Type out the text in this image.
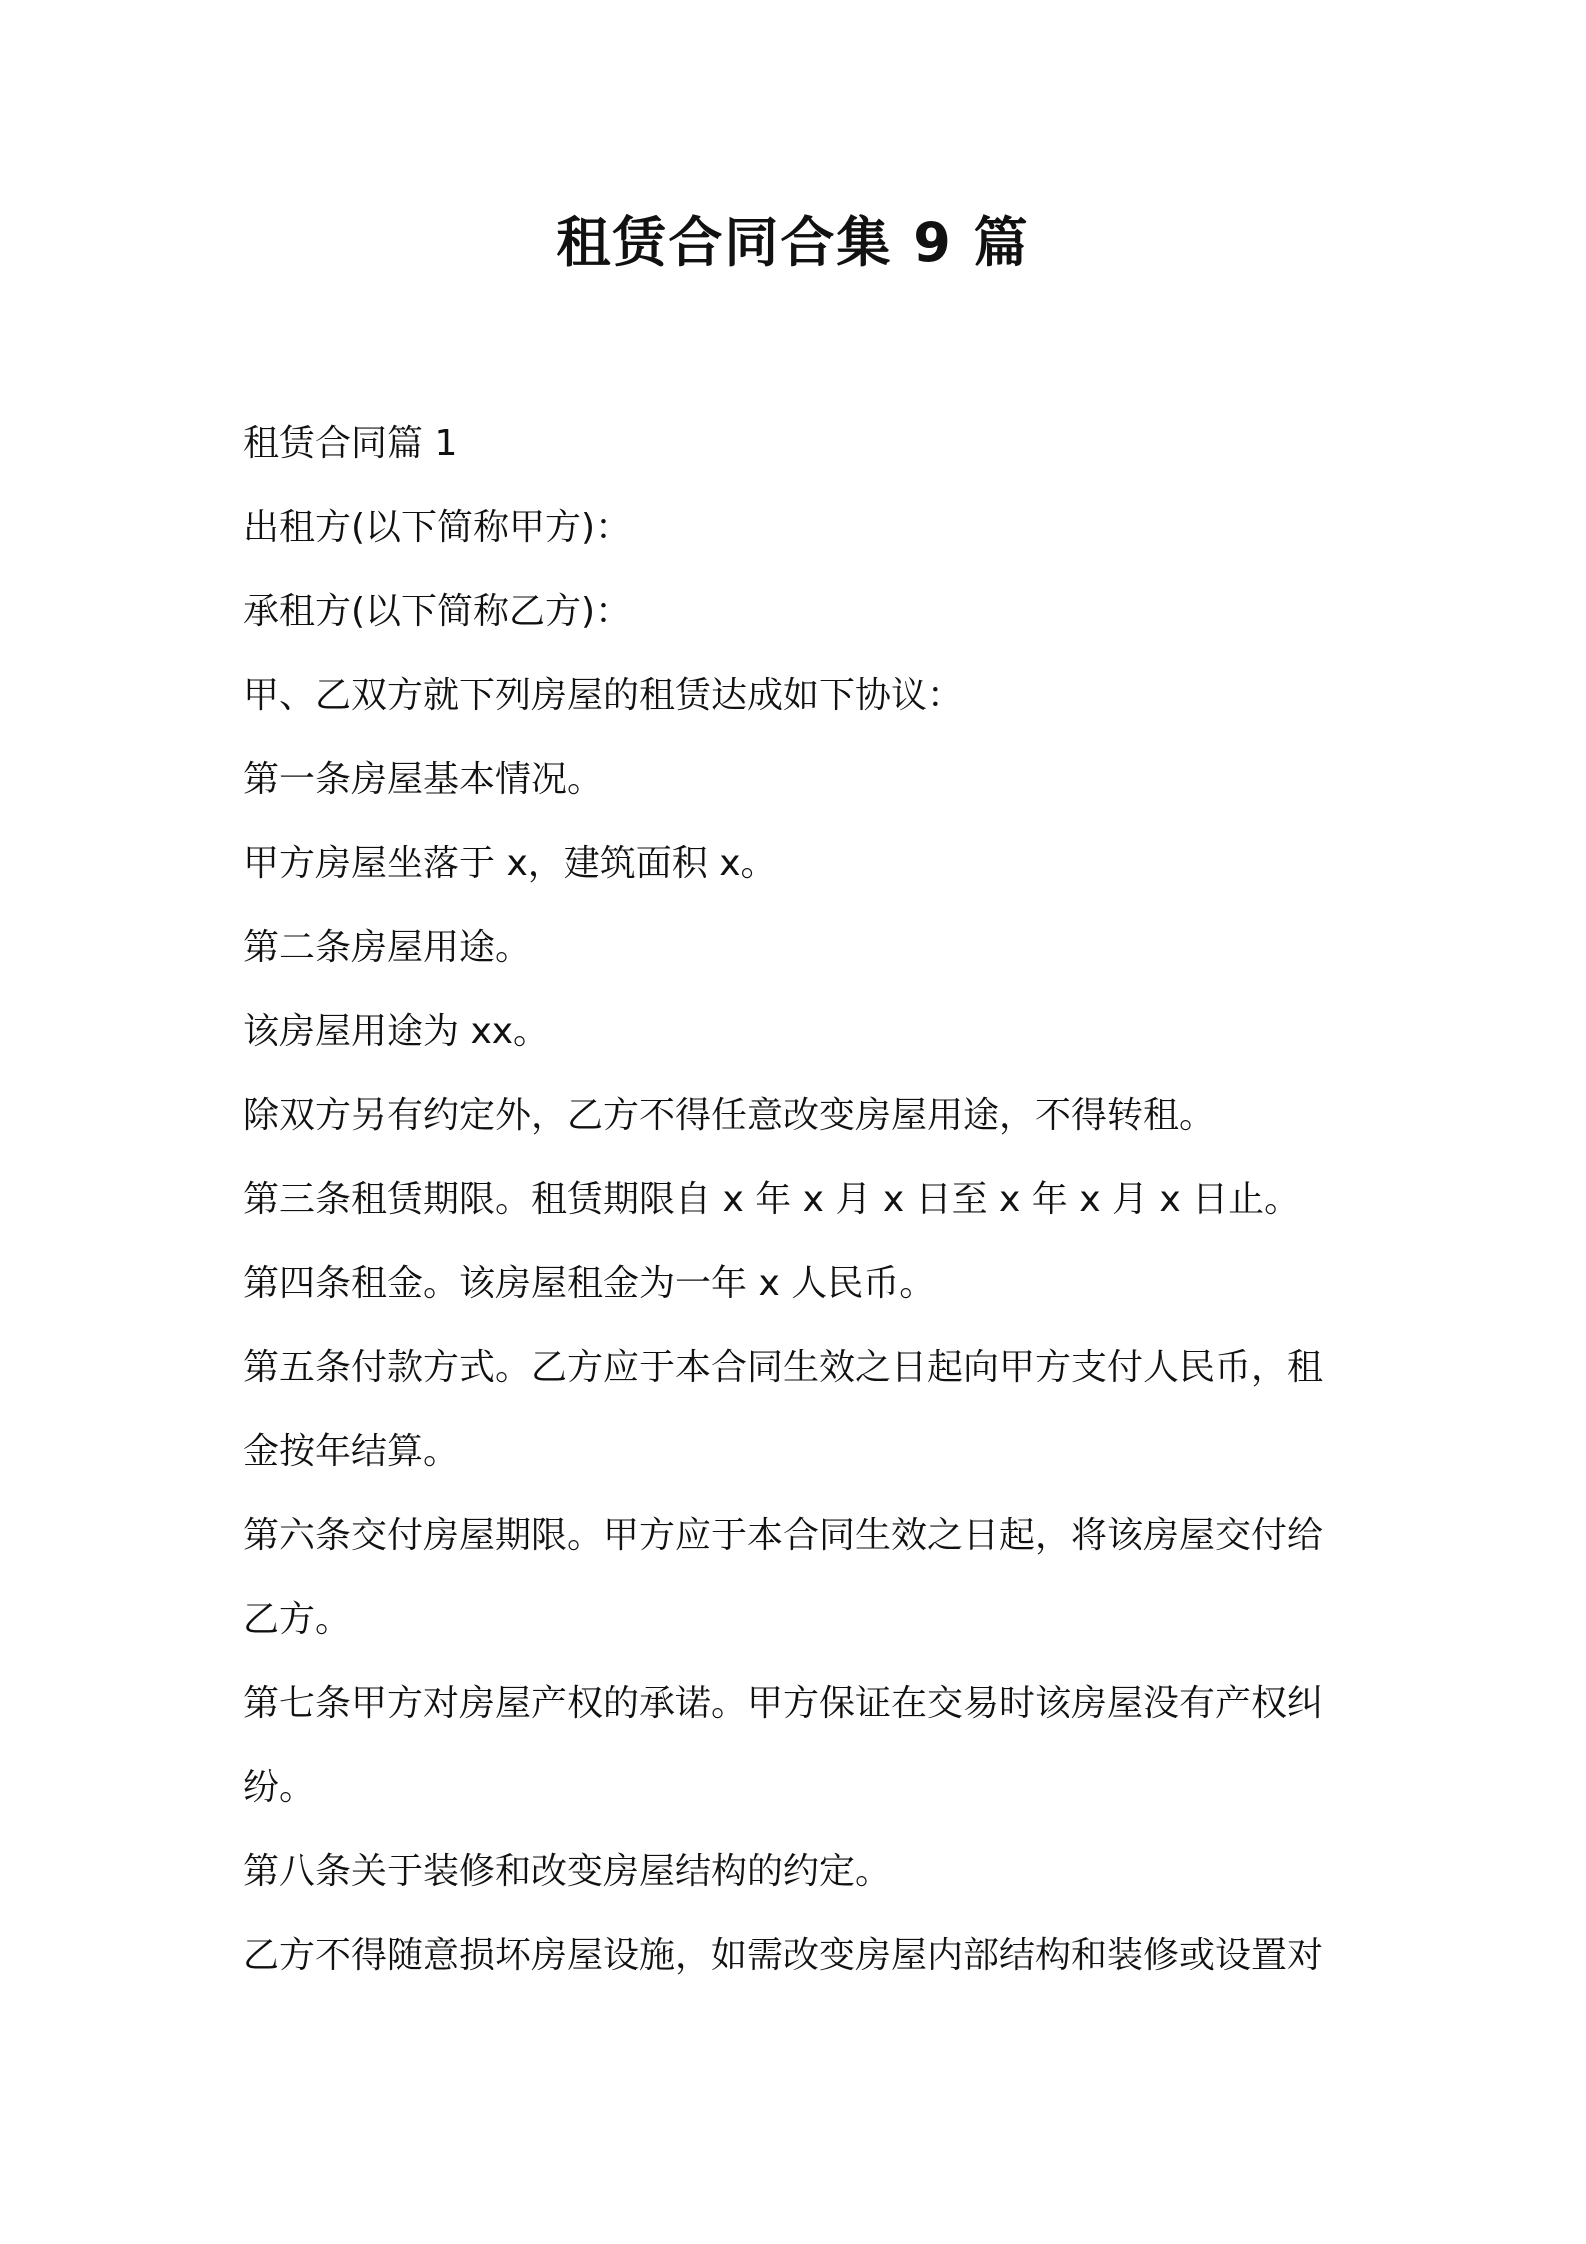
租赁合同合集 9 篇

租赁合同篇 1

出租方(以下简称甲方)：

承租方(以下简称乙方)：

甲、乙双方就下列房屋的租赁达成如下协议：

第一条房屋基本情况。

甲方房屋坐落于 x，建筑面积 x。

第二条房屋用途。

该房屋用途为 xx。

除双方另有约定外，乙方不得任意改变房屋用途，不得转租。

第三条租赁期限。租赁期限自 x 年 x 月 x 日至 x 年 x 月 x 日止。

第四条租金。该房屋租金为一年 x 人民币。

第五条付款方式。乙方应于本合同生效之日起向甲方支付人民币，租

金按年结算。

第六条交付房屋期限。甲方应于本合同生效之日起，将该房屋交付给

乙方。

第七条甲方对房屋产权的承诺。甲方保证在交易时该房屋没有产权纠

纷。

第八条关于装修和改变房屋结构的约定。

乙方不得随意损坏房屋设施，如需改变房屋内部结构和装修或设置对
